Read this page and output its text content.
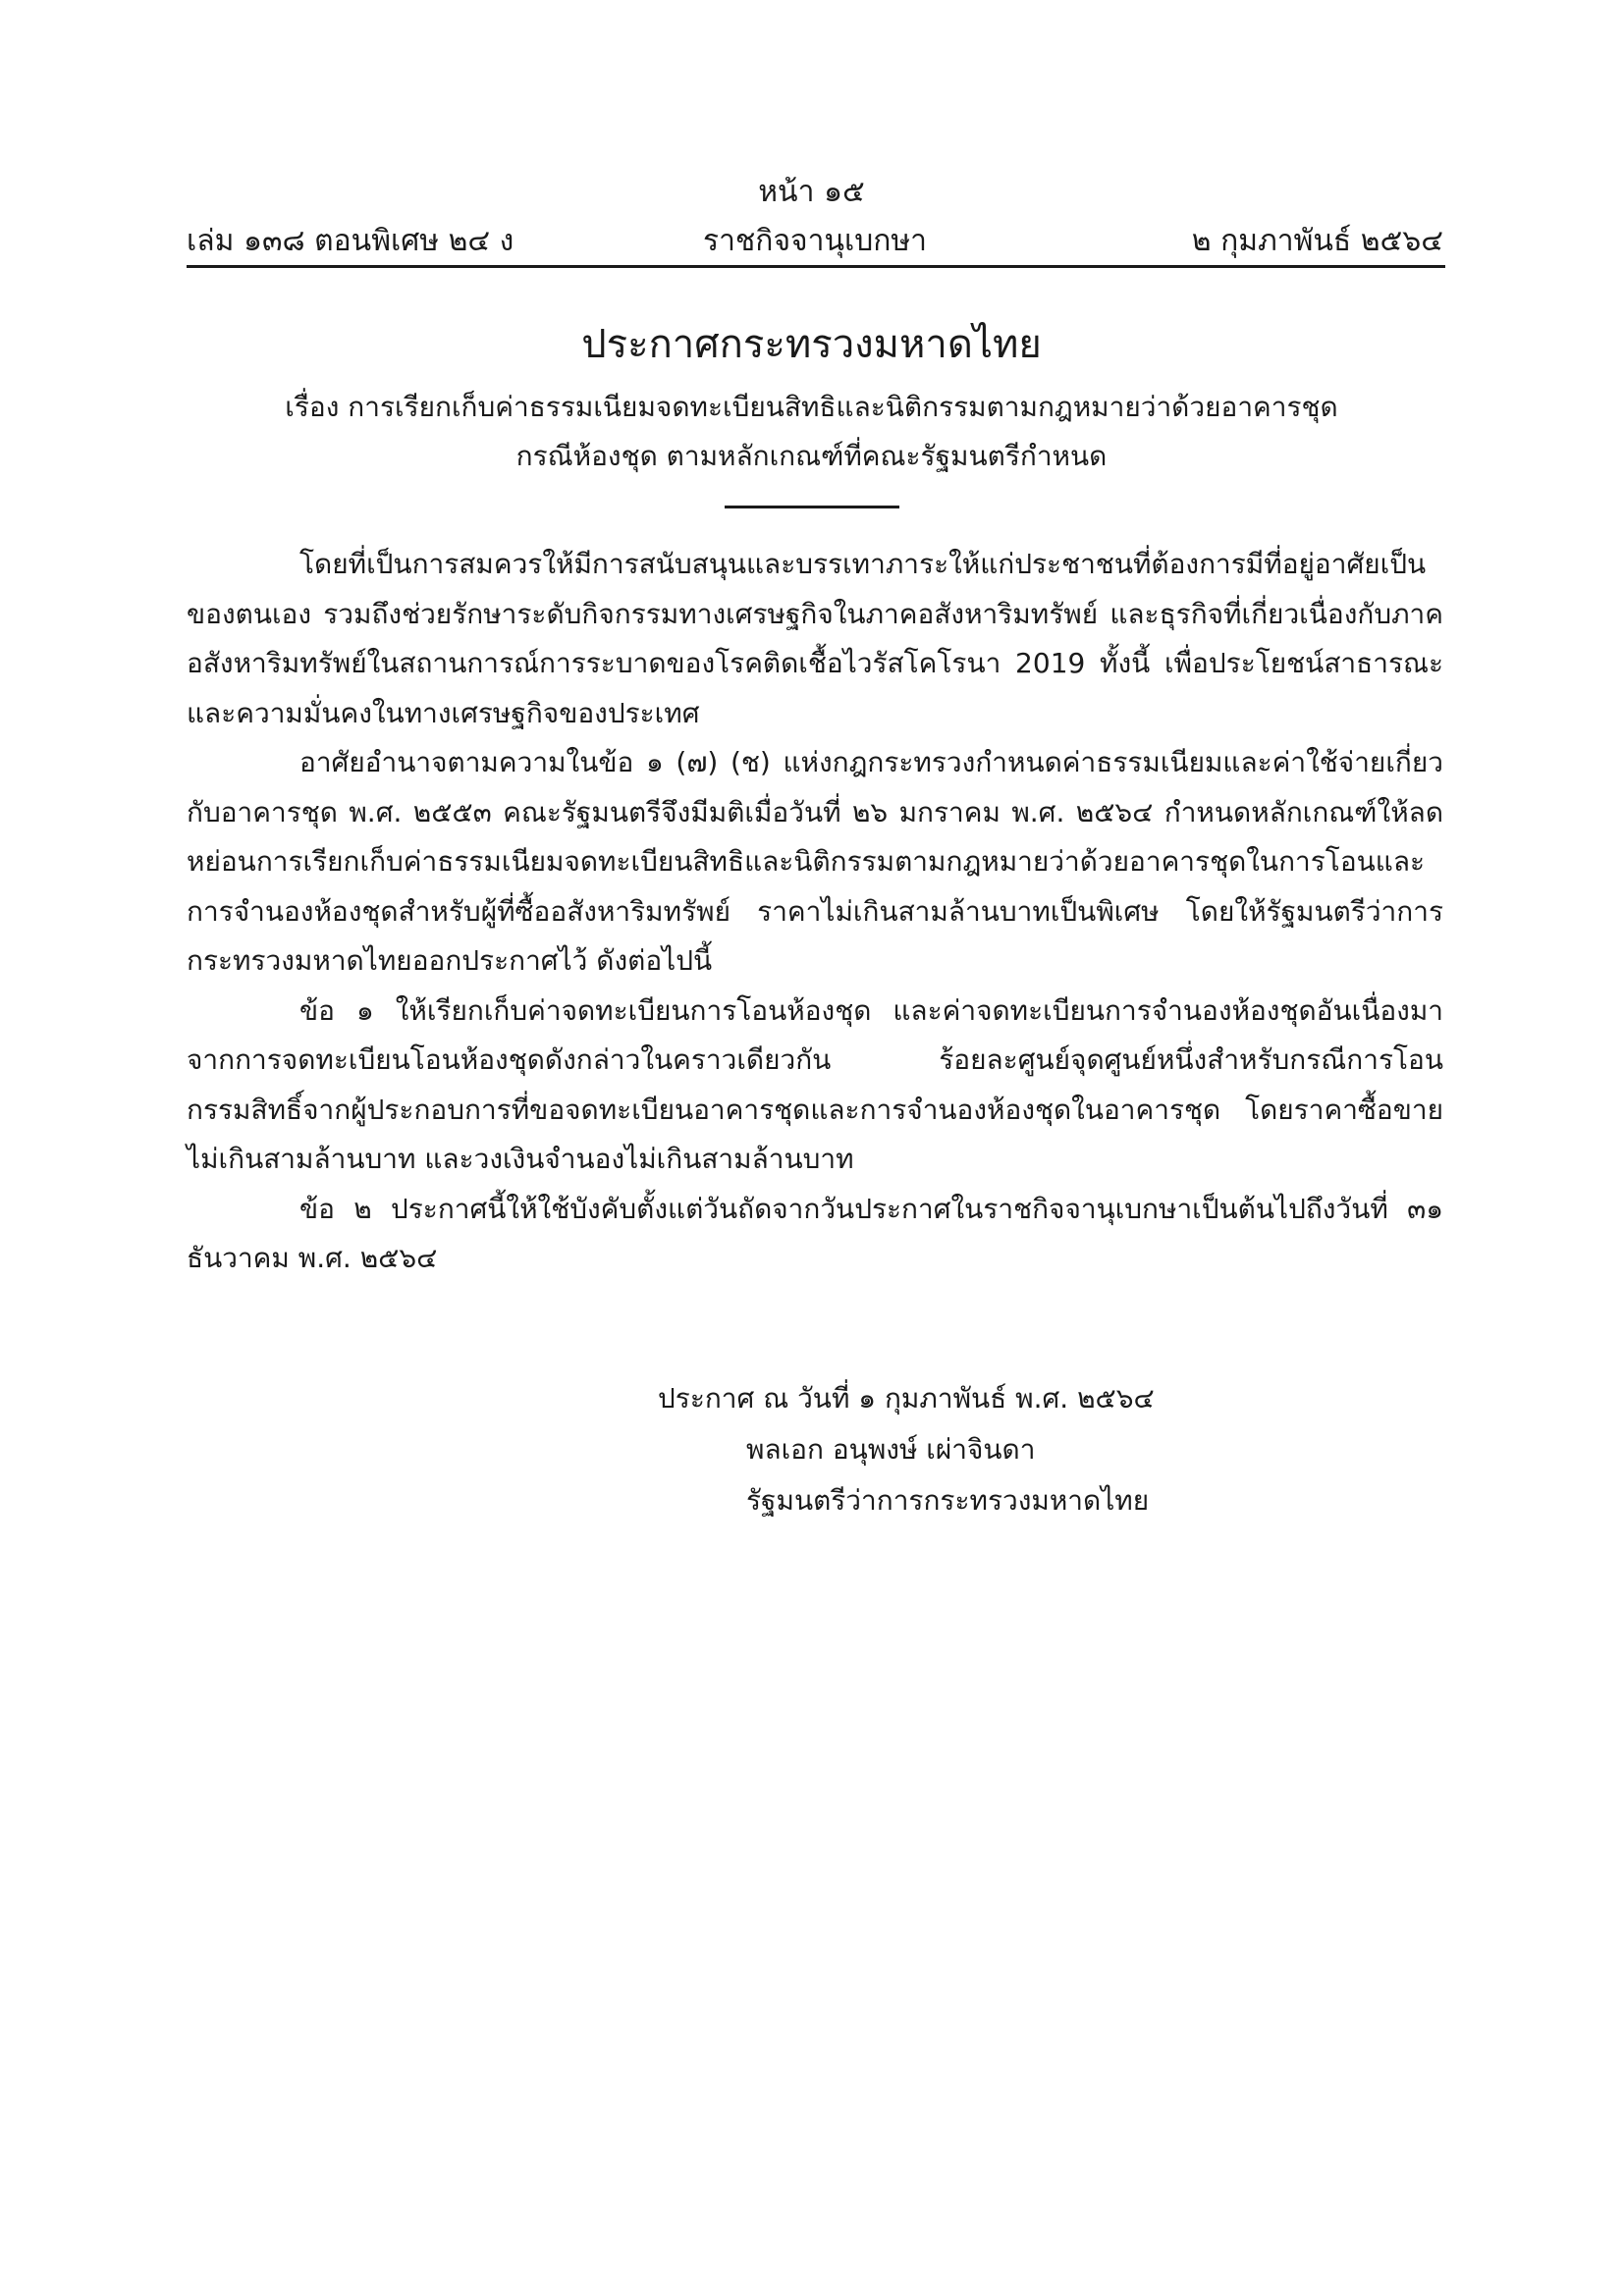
หน้า ๑๕
ราชกิจจานุเบกษา
เล่ม ๑๓๘ ตอนพิเศษ ๒๔ ง	๒ กุมภาพันธ์ ๒๕๖๔
ประกาศกระทรวงมหาดไทย
เรื่อง การเรียกเก็บค่าธรรมเนียมจดทะเบียนสิทธิและนิติกรรมตามกฎหมายว่าด้วยอาคารชุด
กรณีห้องชุด ตามหลักเกณฑ์ที่คณะรัฐมนตรีกำหนด

โดยที่เป็นการสมควรให้มีการสนับสนุนและบรรเทาภาระให้แก่ประชาชนที่ต้องการมีที่อยู่อาศัยเป็นของตนเอง รวมถึงช่วยรักษาระดับกิจกรรมทางเศรษฐกิจในภาคอสังหาริมทรัพย์ และธุรกิจที่เกี่ยวเนื่องกับภาคอสังหาริมทรัพย์ในสถานการณ์การระบาดของโรคติดเชื้อไวรัสโคโรนา 2019 ทั้งนี้ เพื่อประโยชน์สาธารณะและความมั่นคงในทางเศรษฐกิจของประเทศ

อาศัยอำนาจตามความในข้อ ๑ (๗) (ช) แห่งกฎกระทรวงกำหนดค่าธรรมเนียมและค่าใช้จ่ายเกี่ยวกับอาคารชุด พ.ศ. ๒๕๕๓ คณะรัฐมนตรีจึงมีมติเมื่อวันที่ ๒๖ มกราคม พ.ศ. ๒๕๖๔ กำหนดหลักเกณฑ์ให้ลดหย่อนการเรียกเก็บค่าธรรมเนียมจดทะเบียนสิทธิและนิติกรรมตามกฎหมายว่าด้วยอาคารชุดในการโอนและการจำนองห้องชุดสำหรับผู้ที่ซื้ออสังหาริมทรัพย์ ราคาไม่เกินสามล้านบาทเป็นพิเศษ โดยให้รัฐมนตรีว่าการกระทรวงมหาดไทยออกประกาศไว้ ดังต่อไปนี้

ข้อ ๑ ให้เรียกเก็บค่าจดทะเบียนการโอนห้องชุด และค่าจดทะเบียนการจำนองห้องชุดอันเนื่องมาจากการจดทะเบียนโอนห้องชุดดังกล่าวในคราวเดียวกัน ร้อยละศูนย์จุดศูนย์หนึ่งสำหรับกรณีการโอนกรรมสิทธิ์จากผู้ประกอบการที่ขอจดทะเบียนอาคารชุดและการจำนองห้องชุดในอาคารชุด โดยราคาซื้อขายไม่เกินสามล้านบาท และวงเงินจำนองไม่เกินสามล้านบาท

ข้อ ๒ ประกาศนี้ให้ใช้บังคับตั้งแต่วันถัดจากวันประกาศในราชกิจจานุเบกษาเป็นต้นไปถึงวันที่ ๓๑ ธันวาคม พ.ศ. ๒๕๖๔

ประกาศ ณ วันที่ ๑ กุมภาพันธ์ พ.ศ. ๒๕๖๔
พลเอก อนุพงษ์ เผ่าจินดา
รัฐมนตรีว่าการกระทรวงมหาดไทย
